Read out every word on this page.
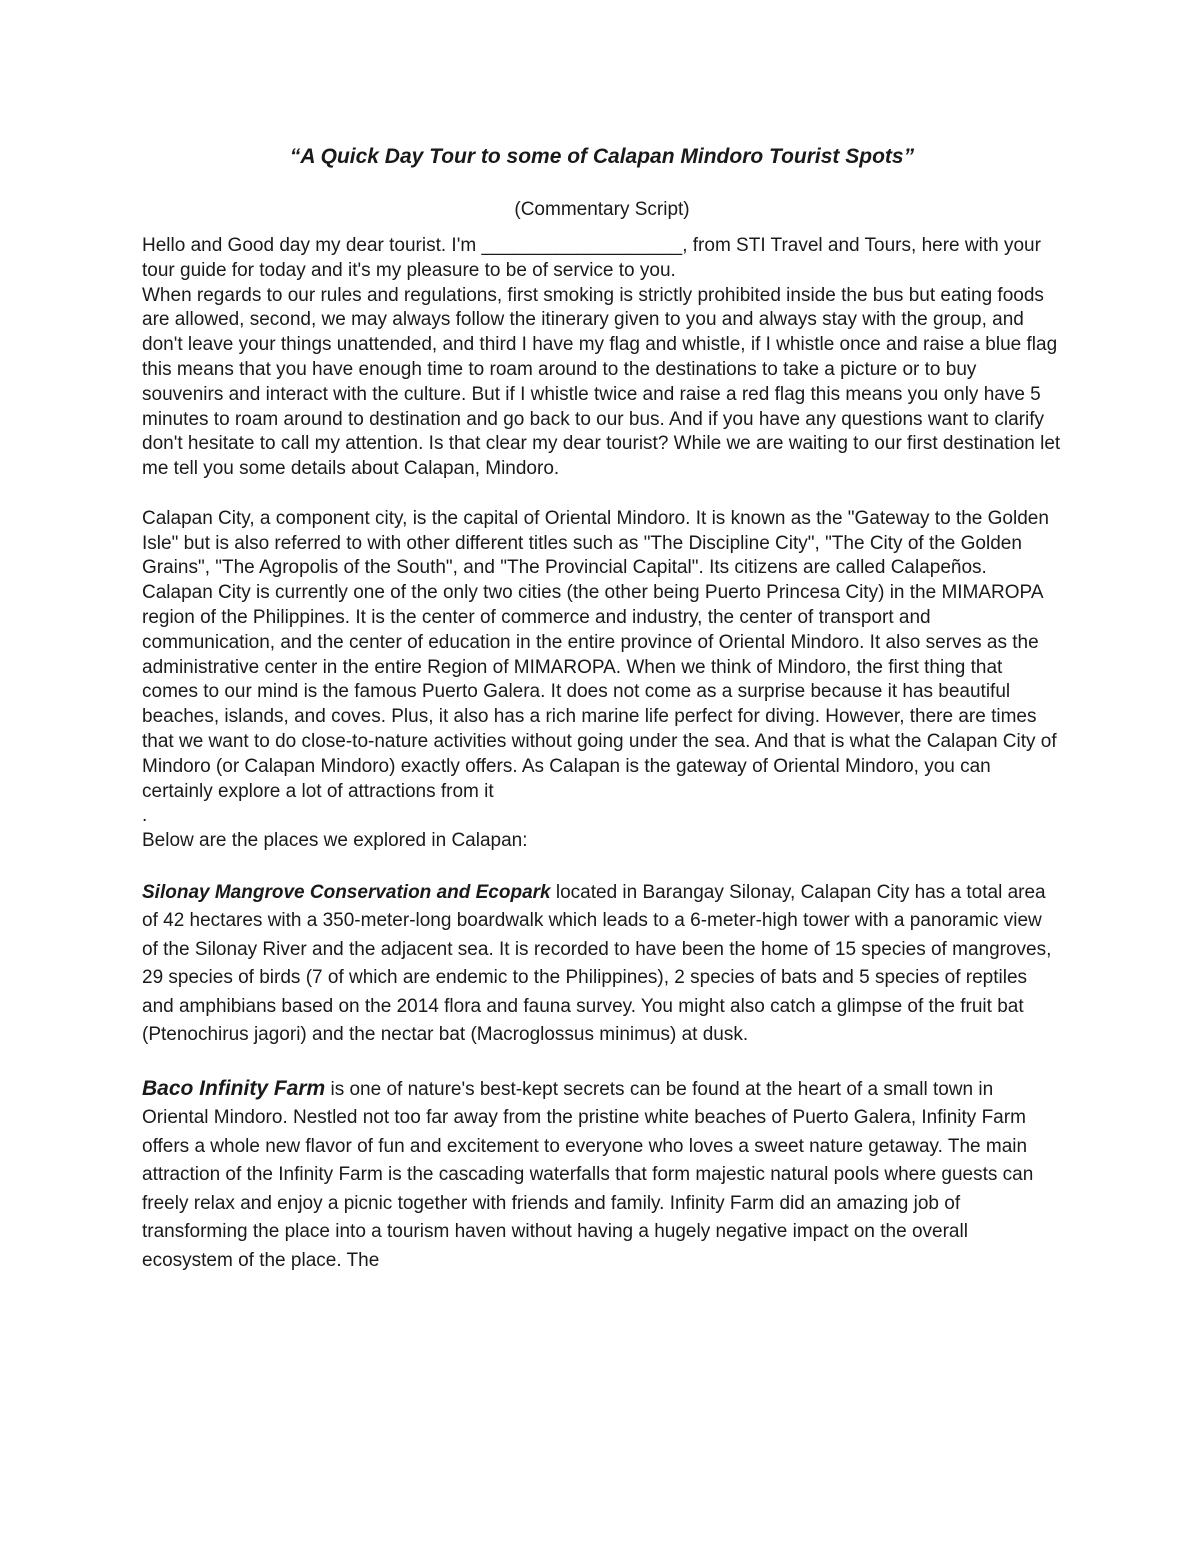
“A Quick Day Tour to some of Calapan Mindoro Tourist Spots”

(Commentary Script)

Hello and Good day my dear tourist. I'm ___________________, from STI Travel and Tours, here with your tour guide for today and it's my pleasure to be of service to you.

When regards to our rules and regulations, first smoking is strictly prohibited inside the bus but eating foods are allowed, second, we may always follow the itinerary given to you and always stay with the group, and don't leave your things unattended, and third I have my flag and whistle, if I whistle once and raise a blue flag this means that you have enough time to roam around to the destinations to take a picture or to buy souvenirs and interact with the culture. But if I whistle twice and raise a red flag this means you only have 5 minutes to roam around to destination and go back to our bus. And if you have any questions want to clarify don't hesitate to call my attention. Is that clear my dear tourist? While we are waiting to our first destination let me tell you some details about Calapan, Mindoro.

Calapan City, a component city, is the capital of Oriental Mindoro. It is known as the "Gateway to the Golden Isle" but is also referred to with other different titles such as "The Discipline City", "The City of the Golden Grains", "The Agropolis of the South", and "The Provincial Capital". Its citizens are called Calapeños.

Calapan City is currently one of the only two cities (the other being Puerto Princesa City) in the MIMAROPA region of the Philippines. It is the center of commerce and industry, the center of transport and communication, and the center of education in the entire province of Oriental Mindoro. It also serves as the administrative center in the entire Region of MIMAROPA. When we think of Mindoro, the first thing that comes to our mind is the famous Puerto Galera. It does not come as a surprise because it has beautiful beaches, islands, and coves. Plus, it also has a rich marine life perfect for diving. However, there are times that we want to do close-to-nature activities without going under the sea. And that is what the Calapan City of Mindoro (or Calapan Mindoro) exactly offers. As Calapan is the gateway of Oriental Mindoro, you can certainly explore a lot of attractions from it

.

Below are the places we explored in Calapan:

Silonay Mangrove Conservation and Ecopark located in Barangay Silonay, Calapan City has a total area of 42 hectares with a 350-meter-long boardwalk which leads to a 6-meter-high tower with a panoramic view of the Silonay River and the adjacent sea. It is recorded to have been the home of 15 species of mangroves, 29 species of birds (7 of which are endemic to the Philippines), 2 species of bats and 5 species of reptiles and amphibians based on the 2014 flora and fauna survey. You might also catch a glimpse of the fruit bat (Ptenochirus jagori) and the nectar bat (Macroglossus minimus) at dusk.

Baco Infinity Farm is one of nature's best-kept secrets can be found at the heart of a small town in Oriental Mindoro. Nestled not too far away from the pristine white beaches of Puerto Galera, Infinity Farm offers a whole new flavor of fun and excitement to everyone who loves a sweet nature getaway. The main attraction of the Infinity Farm is the cascading waterfalls that form majestic natural pools where guests can freely relax and enjoy a picnic together with friends and family. Infinity Farm did an amazing job of transforming the place into a tourism haven without having a hugely negative impact on the overall ecosystem of the place. The
